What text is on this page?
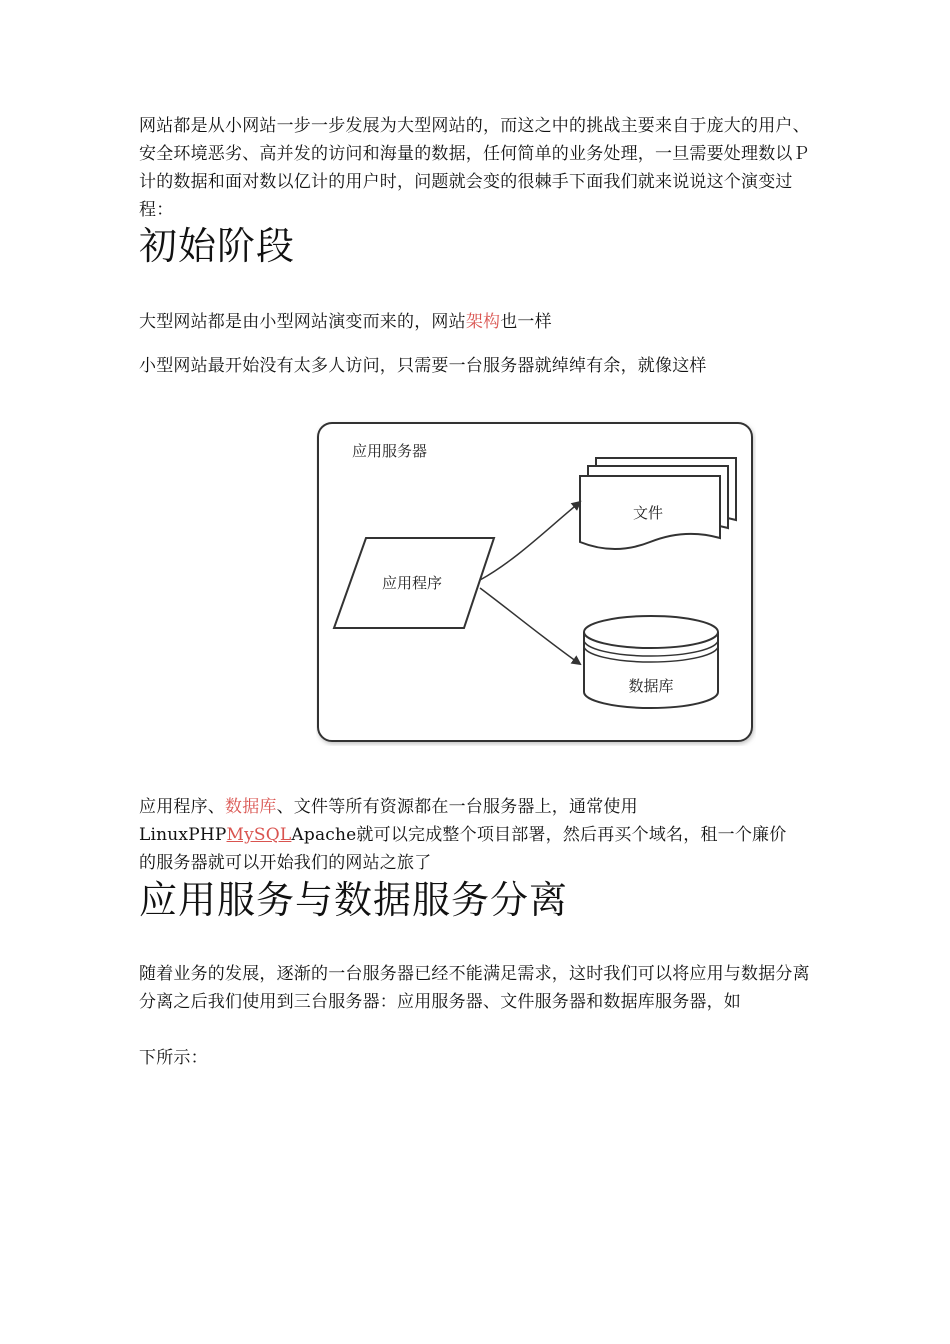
网站都是从小网站一步一步发展为大型网站的，而这之中的挑战主要来自于庞大的用户、安全环境恶劣、高并发的访问和海量的数据，任何简单的业务处理，一旦需要处理数以Ｐ计的数据和面对数以亿计的用户时，问题就会变的很棘手下面我们就来说说这个演变过程：

初始阶段

大型网站都是由小型网站演变而来的，网站架构也一样

小型网站最开始没有太多人访问，只需要一台服务器就绰绰有余，就像这样

应用程序、数据库、文件等所有资源都在一台服务器上，通常使用
LinuxPHPMySQLApache就可以完成整个项目部署，然后再买个域名，租一个廉价
的服务器就可以开始我们的网站之旅了

应用服务与数据服务分离

随着业务的发展，逐渐的一台服务器已经不能满足需求，这时我们可以将应用与数据分离分离之后我们使用到三台服务器：应用服务器、文件服务器和数据库服务器，如

下所示：

应用服务器
文件
数据库
应用程序
